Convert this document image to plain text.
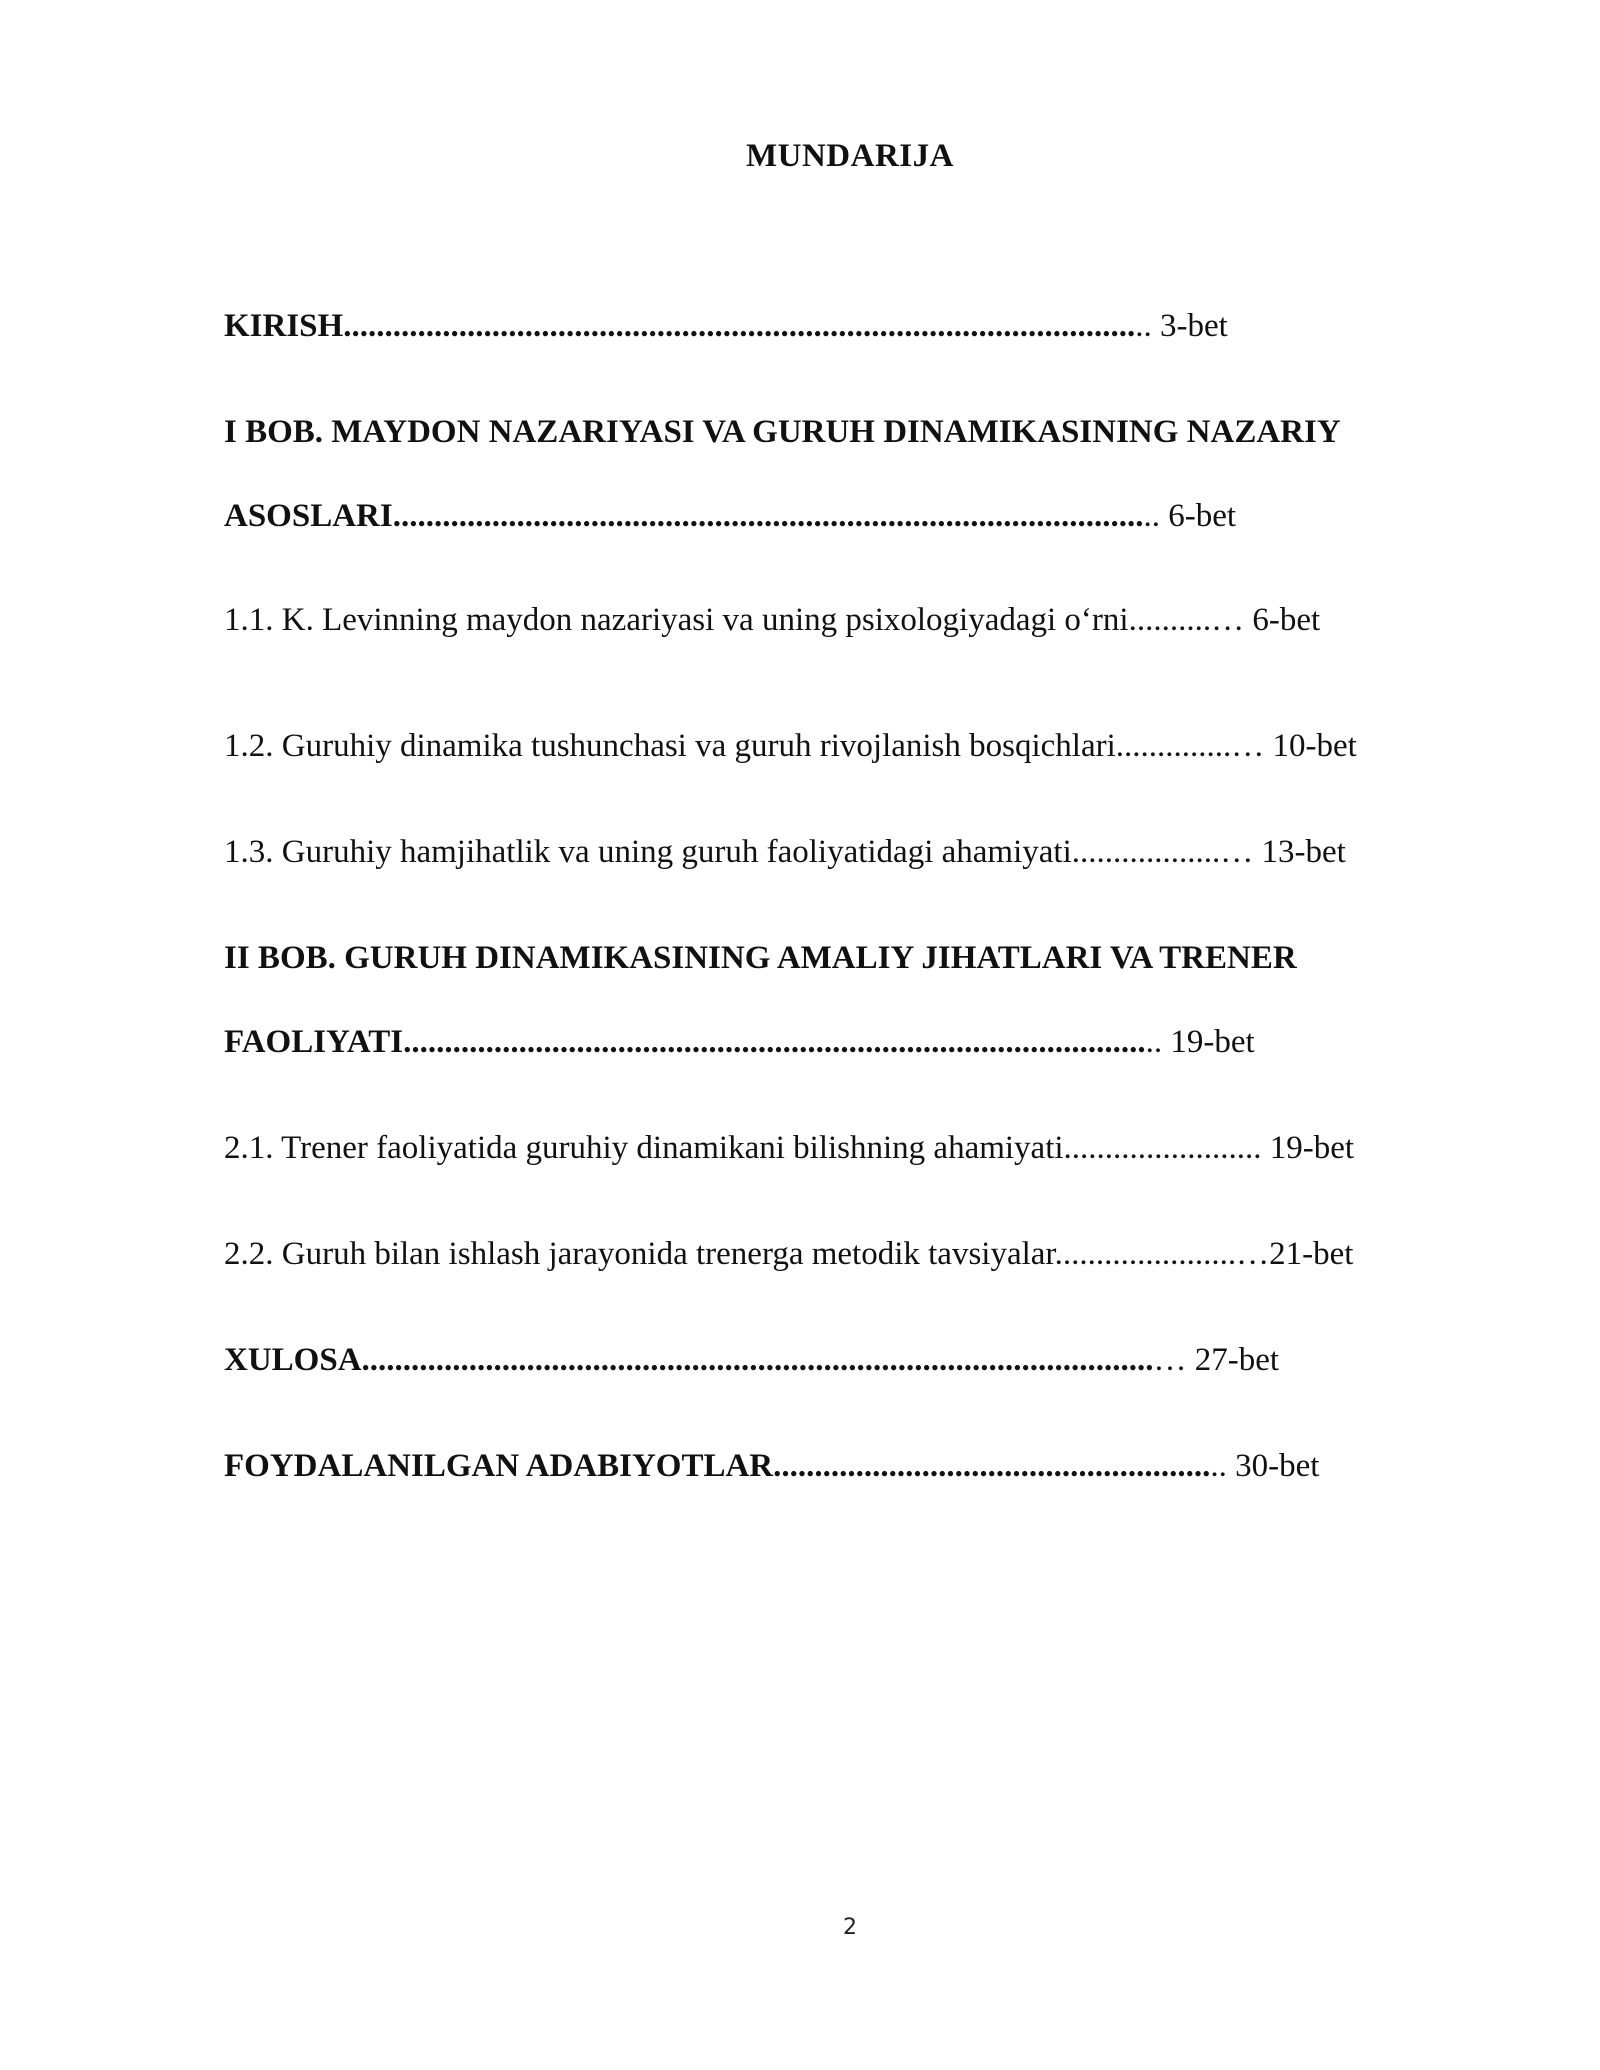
MUNDARIJA
KIRISH.................................................................................................. 3-bet
I BOB. MAYDON NAZARIYASI VA GURUH DINAMIKASINING NAZARIY
ASOSLARI............................................................................................. 6-bet
1.1. K. Levinning maydon nazariyasi va uning psixologiyadagi o‘rni..........… 6-bet
1.2. Guruhiy dinamika tushunchasi va guruh rivojlanish bosqichlari..............… 10-bet
1.3. Guruhiy hamjihatlik va uning guruh faoliyatidagi ahamiyati..................… 13-bet
II BOB. GURUH DINAMIKASINING AMALIY JIHATLARI VA TRENER
FAOLIYATI............................................................................................ 19-bet
2.1. Trener faoliyatida guruhiy dinamikani bilishning ahamiyati........................ 19-bet
2.2. Guruh bilan ishlash jarayonida trenerga metodik tavsiyalar......................…21-bet
XULOSA................................................................................................… 27-bet
FOYDALANILGAN ADABIYOTLAR....................................................... 30-bet
2
